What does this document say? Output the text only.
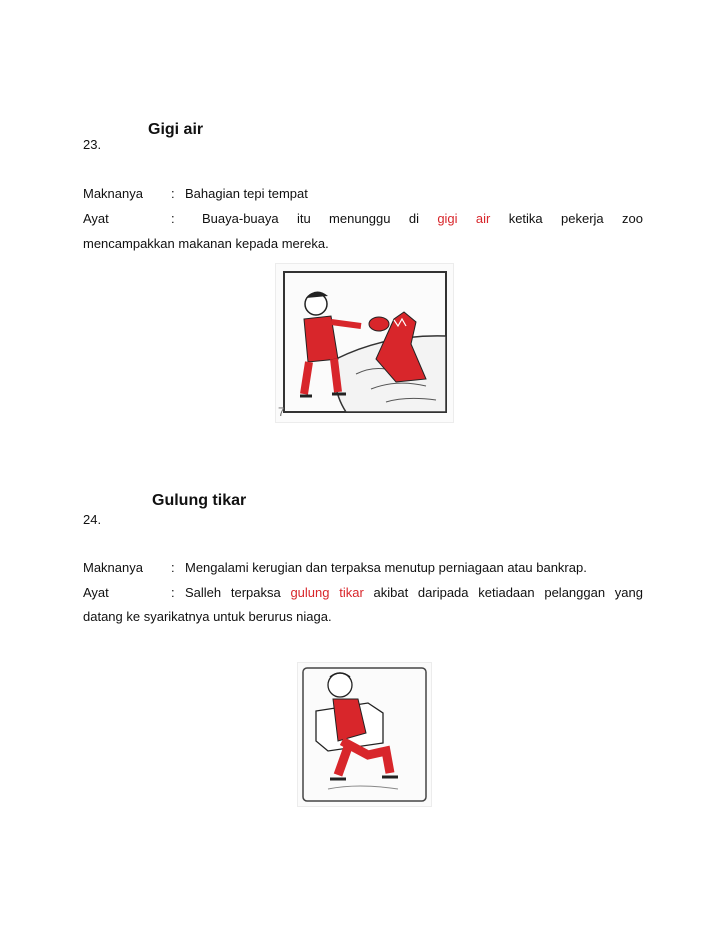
Gigi air
23.
Maknanya : Bahagian tepi tempat
Ayat	: Buaya-buaya itu menunggu di gigi air ketika pekerja zoo
mencampakkan makanan kepada mereka.
7
Gulung tikar
24.
Maknanya : Mengalami kerugian dan terpaksa menutup perniagaan atau bankrap.
Ayat	: Salleh terpaksa gulung tikar akibat daripada ketiadaan pelanggan yang
datang ke syarikatnya untuk berurus niaga.
